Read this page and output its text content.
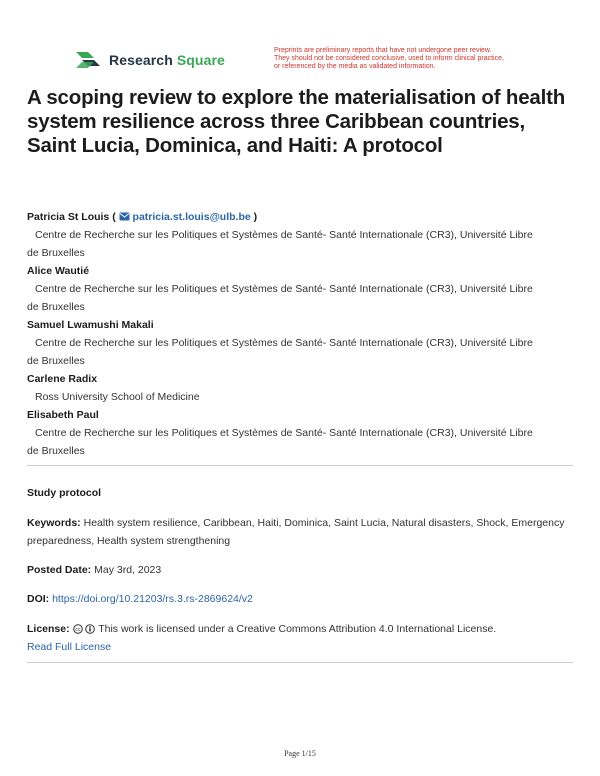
Research Square
Preprints are preliminary reports that have not undergone peer review.
They should not be considered conclusive, used to inform clinical practice,
or referenced by the media as validated information.
A scoping review to explore the materialisation of health system resilience across three Caribbean countries, Saint Lucia, Dominica, and Haiti: A protocol
Patricia St Louis ( patricia.st.louis@ulb.be )
Centre de Recherche sur les Politiques et Systèmes de Santé- Santé Internationale (CR3), Université Libre
de Bruxelles
Alice Wautié
Centre de Recherche sur les Politiques et Systèmes de Santé- Santé Internationale (CR3), Université Libre
de Bruxelles
Samuel Lwamushi Makali
Centre de Recherche sur les Politiques et Systèmes de Santé- Santé Internationale (CR3), Université Libre
de Bruxelles
Carlene Radix
Ross University School of Medicine
Elisabeth Paul
Centre de Recherche sur les Politiques et Systèmes de Santé- Santé Internationale (CR3), Université Libre
de Bruxelles
Study protocol
Keywords: Health system resilience, Caribbean, Haiti, Dominica, Saint Lucia, Natural disasters, Shock, Emergency preparedness, Health system strengthening
Posted Date: May 3rd, 2023
DOI: https://doi.org/10.21203/rs.3.rs-2869624/v2
License: cc This work is licensed under a Creative Commons Attribution 4.0 International License.
Read Full License
Page 1/15
